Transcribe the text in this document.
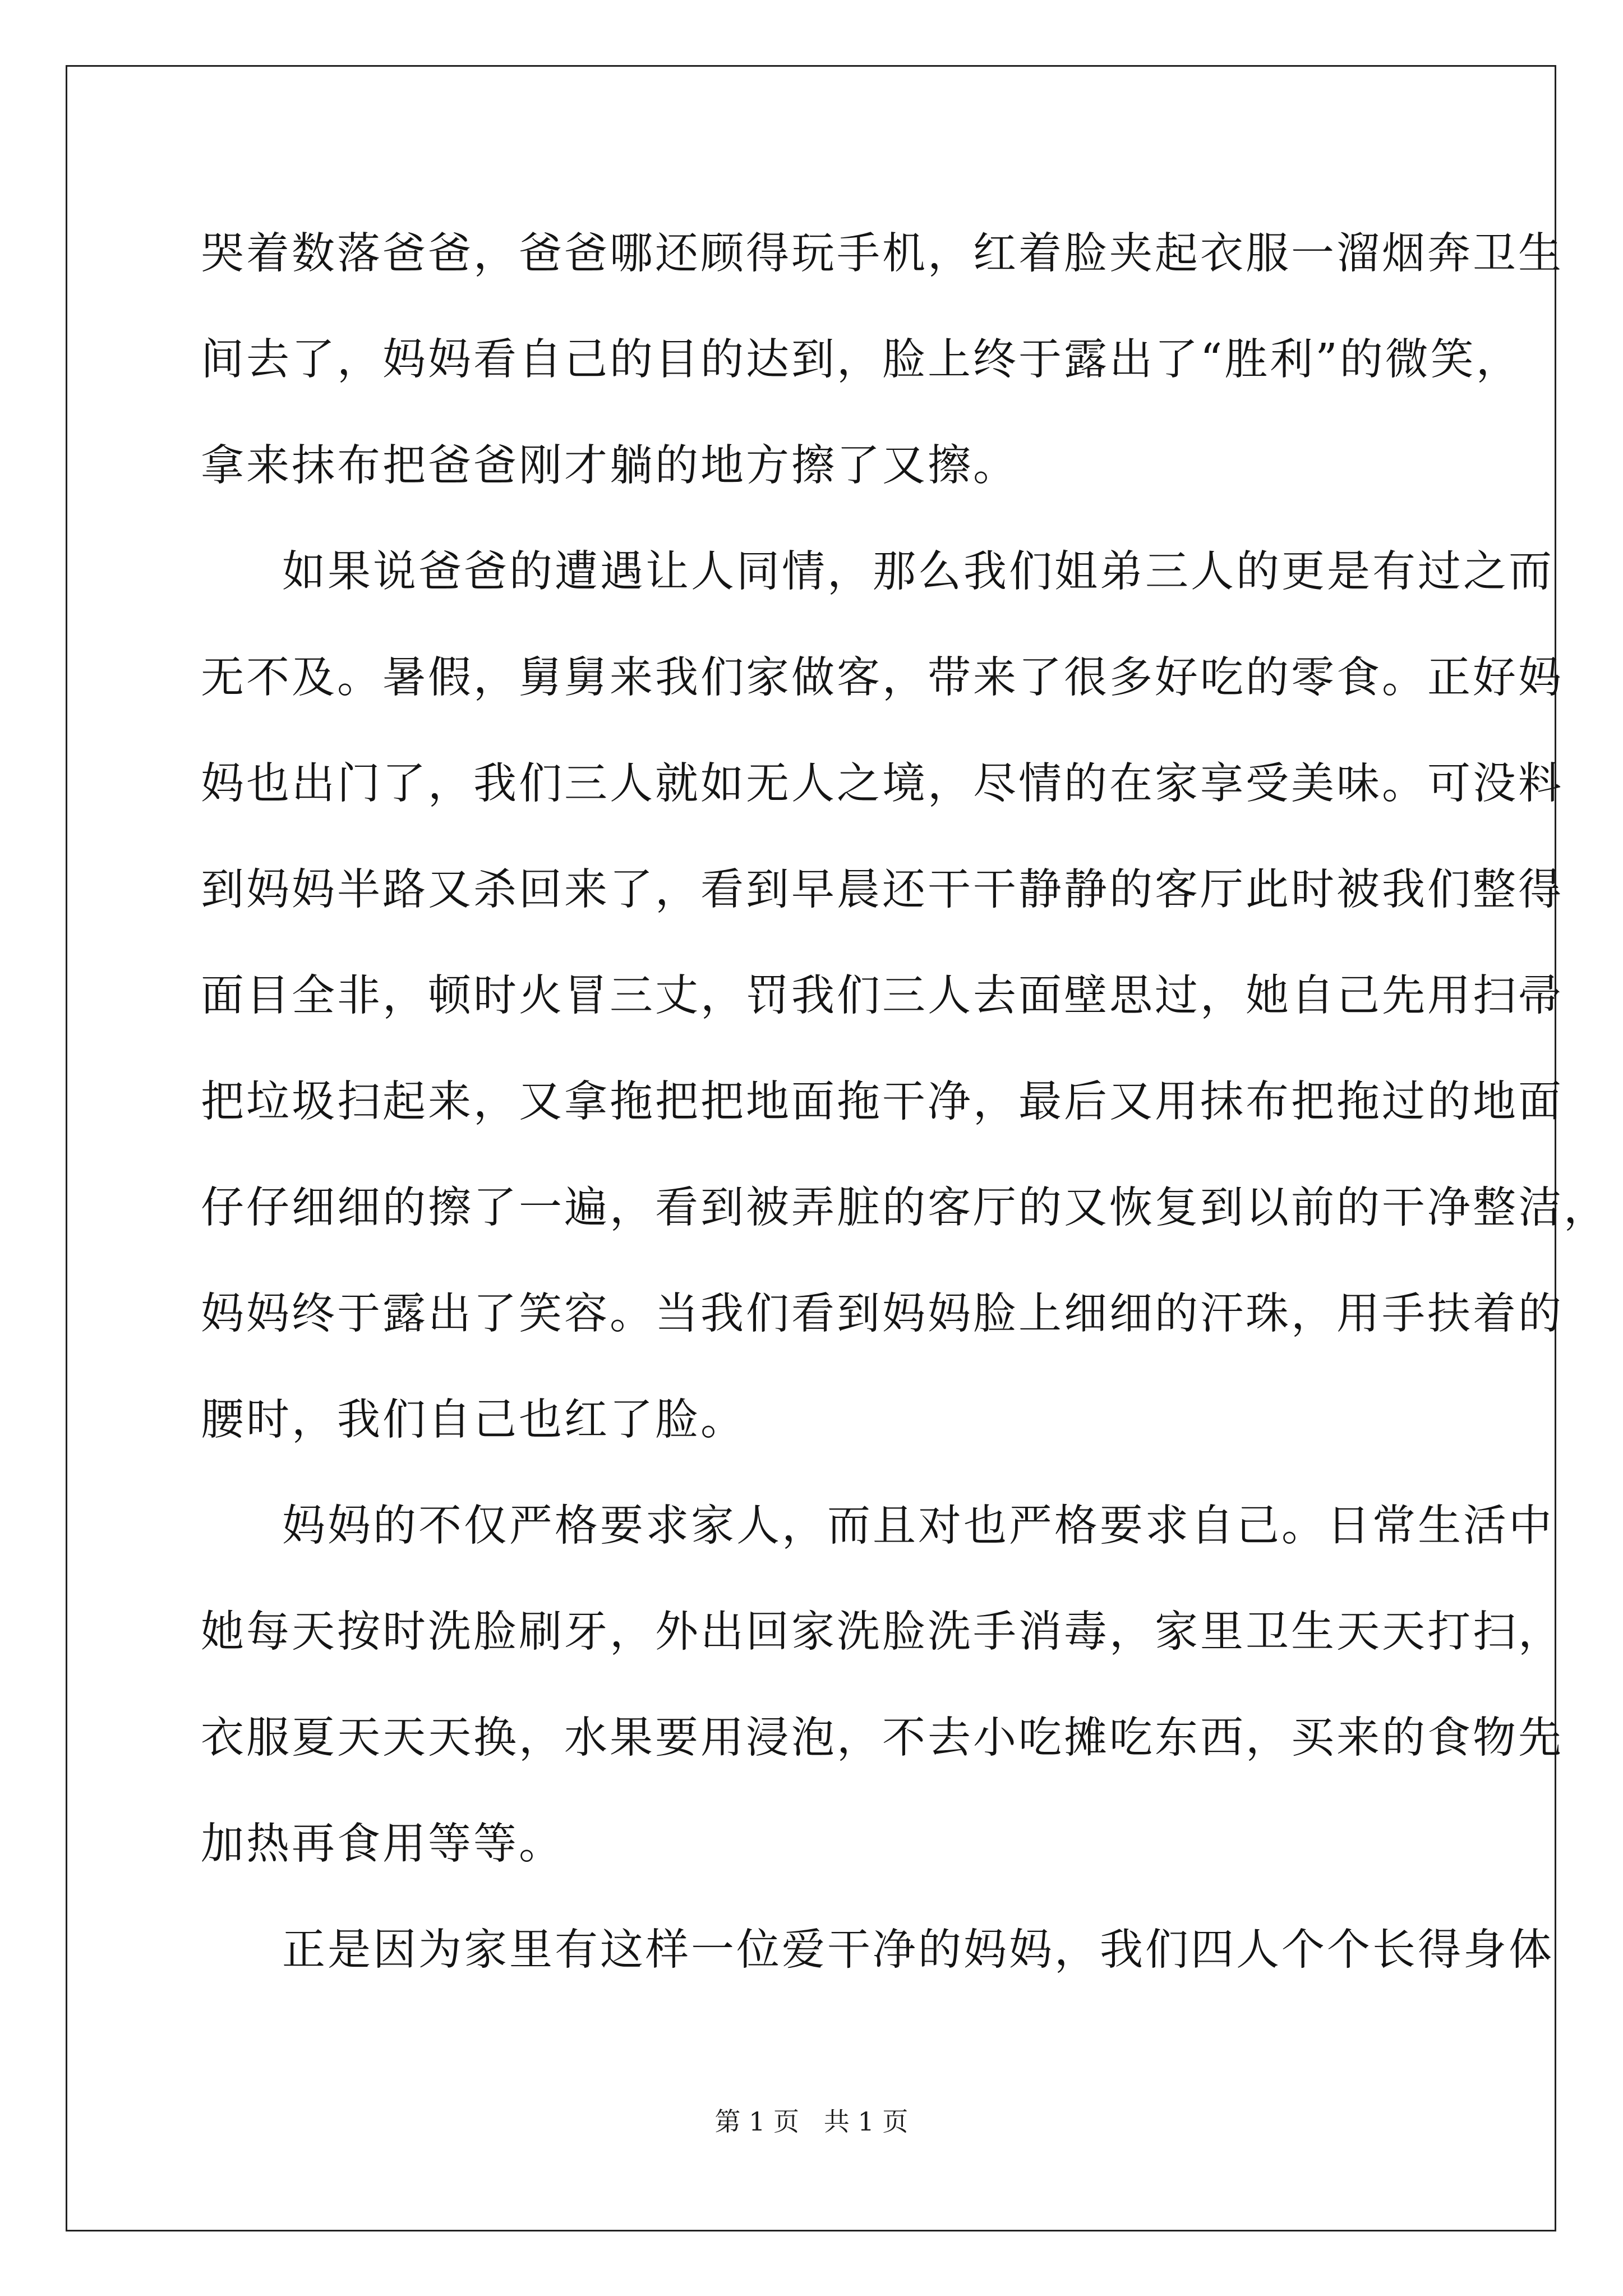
哭着数落爸爸，爸爸哪还顾得玩手机，红着脸夹起衣服一溜烟奔卫生
间去了，妈妈看自己的目的达到，脸上终于露出了“胜利”的微笑，
拿来抹布把爸爸刚才躺的地方擦了又擦。
如果说爸爸的遭遇让人同情，那么我们姐弟三人的更是有过之而
无不及。暑假，舅舅来我们家做客，带来了很多好吃的零食。正好妈
妈也出门了，我们三人就如无人之境，尽情的在家享受美味。可没料
到妈妈半路又杀回来了，看到早晨还干干静静的客厅此时被我们整得
面目全非，顿时火冒三丈，罚我们三人去面壁思过，她自己先用扫帚
把垃圾扫起来，又拿拖把把地面拖干净，最后又用抹布把拖过的地面
仔仔细细的擦了一遍，看到被弄脏的客厅的又恢复到以前的干净整洁，
妈妈终于露出了笑容。当我们看到妈妈脸上细细的汗珠，用手扶着的
腰时，我们自己也红了脸。
妈妈的不仅严格要求家人，而且对也严格要求自己。日常生活中
她每天按时洗脸刷牙，外出回家洗脸洗手消毒，家里卫生天天打扫，
衣服夏天天天换，水果要用浸泡，不去小吃摊吃东西，买来的食物先
加热再食用等等。
正是因为家里有这样一位爱干净的妈妈，我们四人个个长得身体
第 1 页   共 1 页
